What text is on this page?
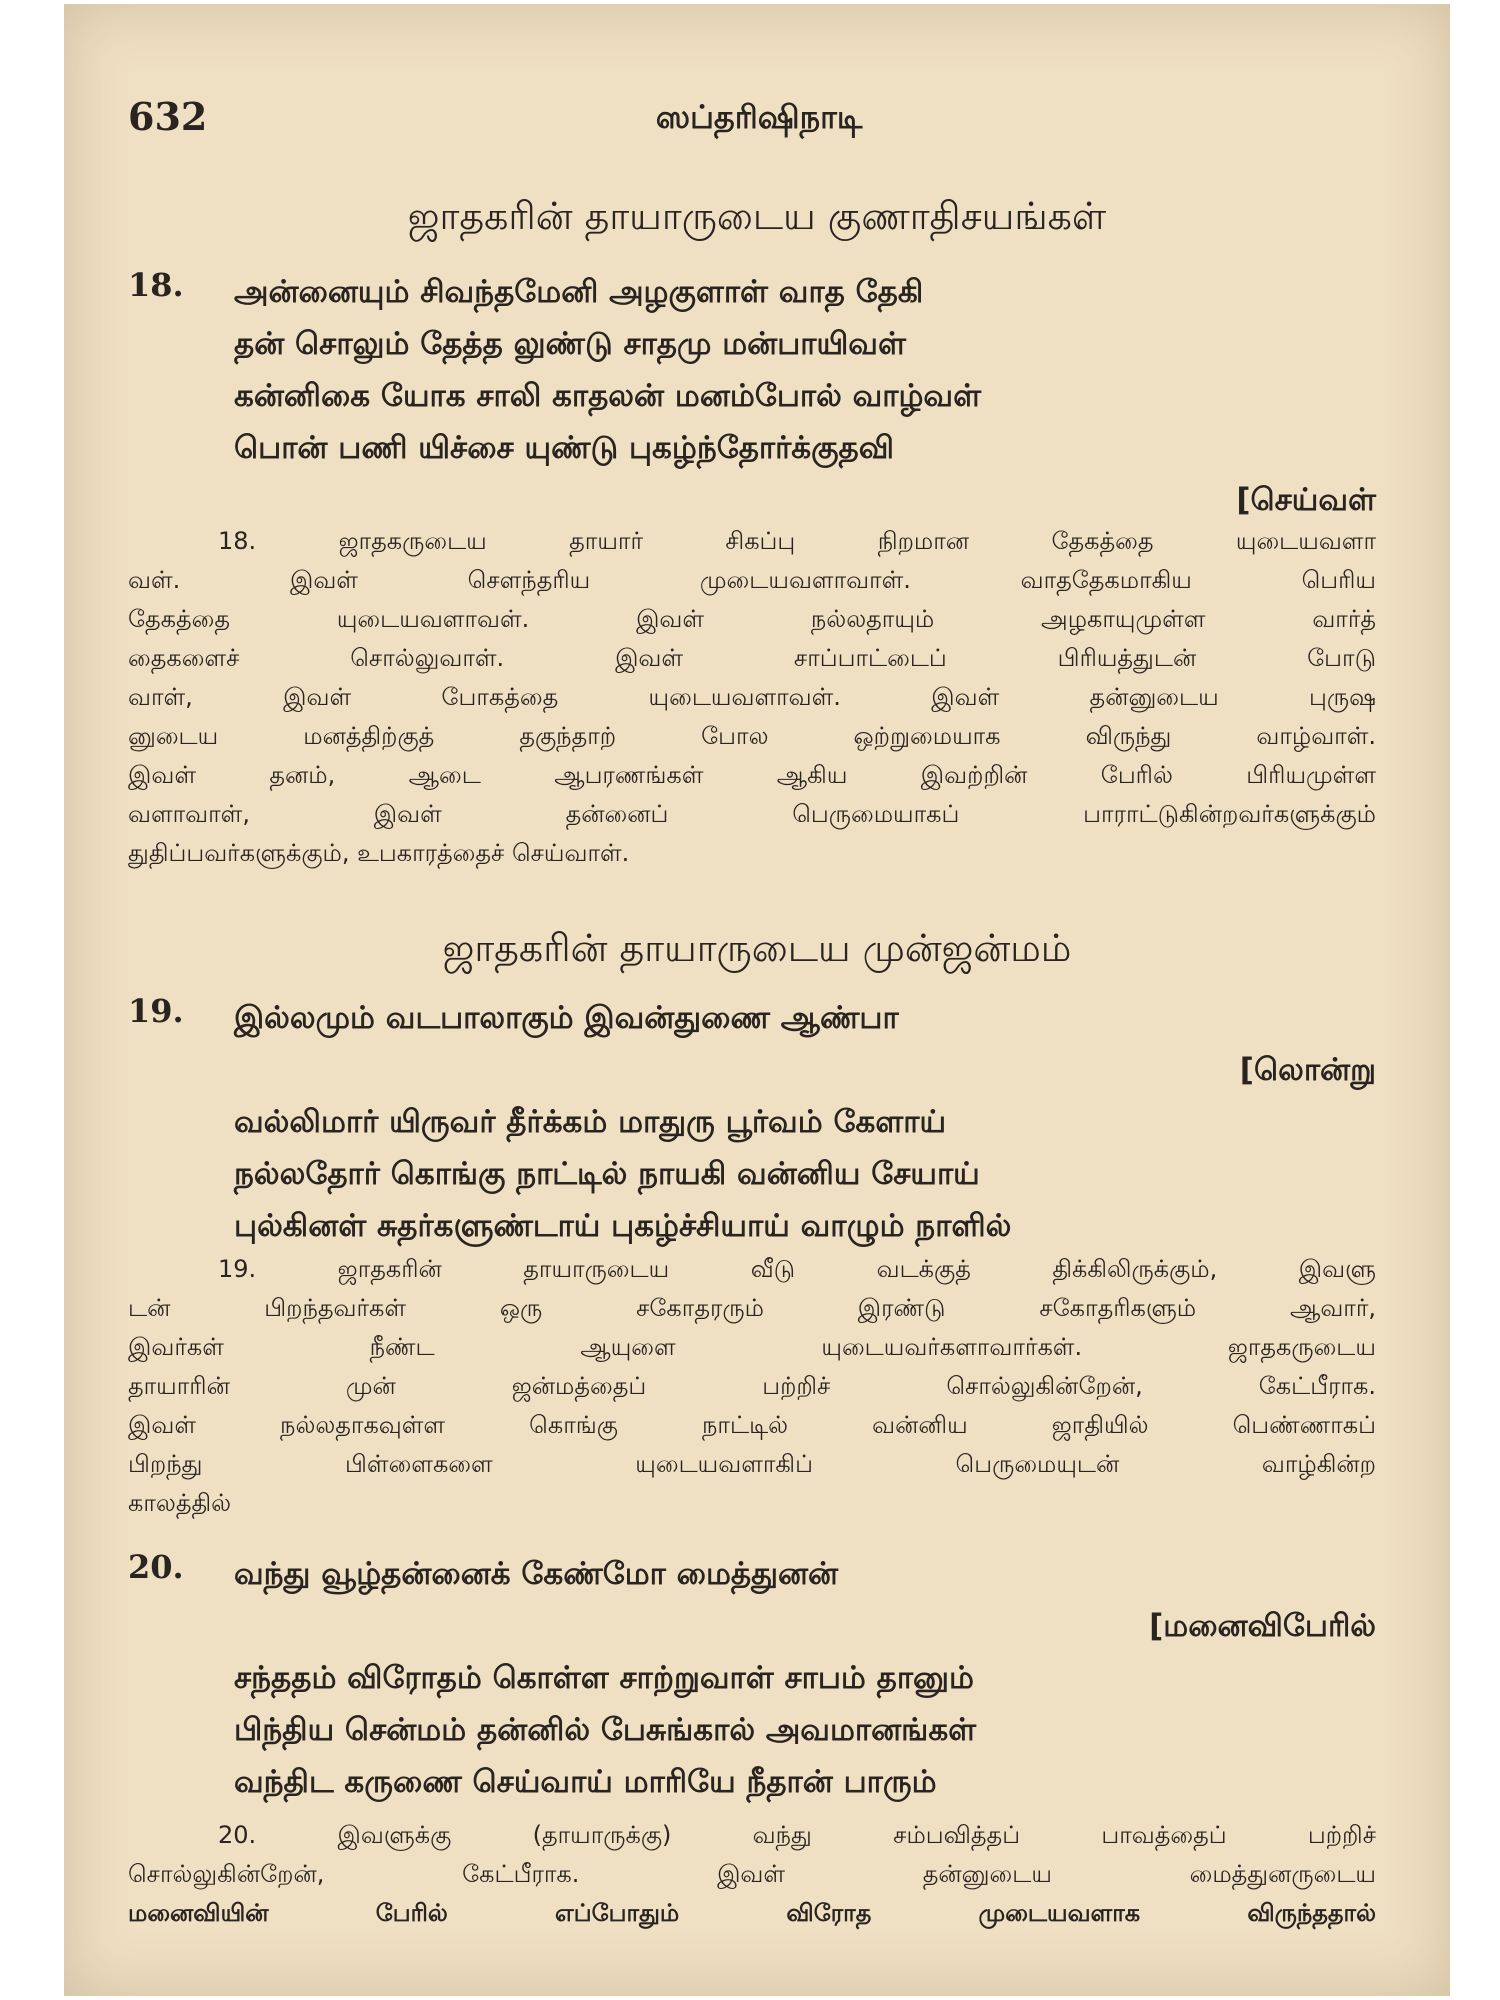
632	ஸப்தரிஷிநாடி
ஜாதகரின் தாயாருடைய குணாதிசயங்கள்
18. அன்னையும் சிவந்தமேனி அழகுளாள் வாத தேகி
தன் சொலும் தேத்த லுண்டு சாதமு மன்பாயிவள்
கன்னிகை யோக சாலி காதலன் மனம்போல் வாழ்வள்
பொன் பணி யிச்சை யுண்டு புகழ்ந்தோர்க்குதவி
[செய்வள்
18. ஜாதகருடைய தாயார் சிகப்பு நிறமான தேகத்தை யுடையவளா
வள். இவள் சௌந்தரிய முடையவளாவாள். வாததேகமாகிய பெரிய
தேகத்தை யுடையவளாவள். இவள் நல்லதாயும் அழகாயுமுள்ள வார்த்
தைகளைச் சொல்லுவாள். இவள் சாப்பாட்டைப் பிரியத்துடன் போடு
வாள், இவள் போகத்தை யுடையவளாவள். இவள் தன்னுடைய புருஷ
னுடைய மனத்திற்குத் தகுந்தாற் போல ஒற்றுமையாக விருந்து வாழ்வாள்.
இவள் தனம், ஆடை ஆபரணங்கள் ஆகிய இவற்றின் பேரில் பிரியமுள்ள
வளாவாள், இவள் தன்னைப் பெருமையாகப் பாராட்டுகின்றவர்களுக்கும்
துதிப்பவர்களுக்கும், உபகாரத்தைச் செய்வாள்.
ஜாதகரின் தாயாருடைய முன்ஜன்மம்
19. இல்லமும் வடபாலாகும் இவன்துணை ஆண்பா
[லொன்று
வல்லிமார் யிருவர் தீர்க்கம் மாதுரு பூர்வம் கேளாய்
நல்லதோர் கொங்கு நாட்டில் நாயகி வன்னிய சேயாய்
புல்கினள் சுதர்களுண்டாய் புகழ்ச்சியாய் வாழும் நாளில்
19. ஜாதகரின் தாயாருடைய வீடு வடக்குத் திக்கிலிருக்கும், இவளு
டன் பிறந்தவர்கள் ஒரு சகோதரரும் இரண்டு சகோதரிகளும் ஆவார்,
இவர்கள் நீண்ட ஆயுளை யுடையவர்களாவார்கள். ஜாதகருடைய
தாயாரின் முன் ஜன்மத்தைப் பற்றிச் சொல்லுகின்றேன், கேட்பீராக.
இவள் நல்லதாகவுள்ள கொங்கு நாட்டில் வன்னிய ஜாதியில் பெண்ணாகப்
பிறந்து பிள்ளைகளை யுடையவளாகிப் பெருமையுடன் வாழ்கின்ற
காலத்தில்
20. வந்து வூழ்தன்னைக் கேண்மோ மைத்துனன்
[மனைவிபேரில்
சந்ததம் விரோதம் கொள்ள சாற்றுவாள் சாபம் தானும்
பிந்திய சென்மம் தன்னில் பேசுங்கால் அவமானங்கள்
வந்திட கருணை செய்வாய் மாரியே நீதான் பாரும்
20. இவளுக்கு (தாயாருக்கு) வந்து சம்பவித்தப் பாவத்தைப் பற்றிச்
சொல்லுகின்றேன், கேட்பீராக. இவள் தன்னுடைய மைத்துனருடைய
மனைவியின் பேரில் எப்போதும் விரோத முடையவளாக விருந்ததால்
